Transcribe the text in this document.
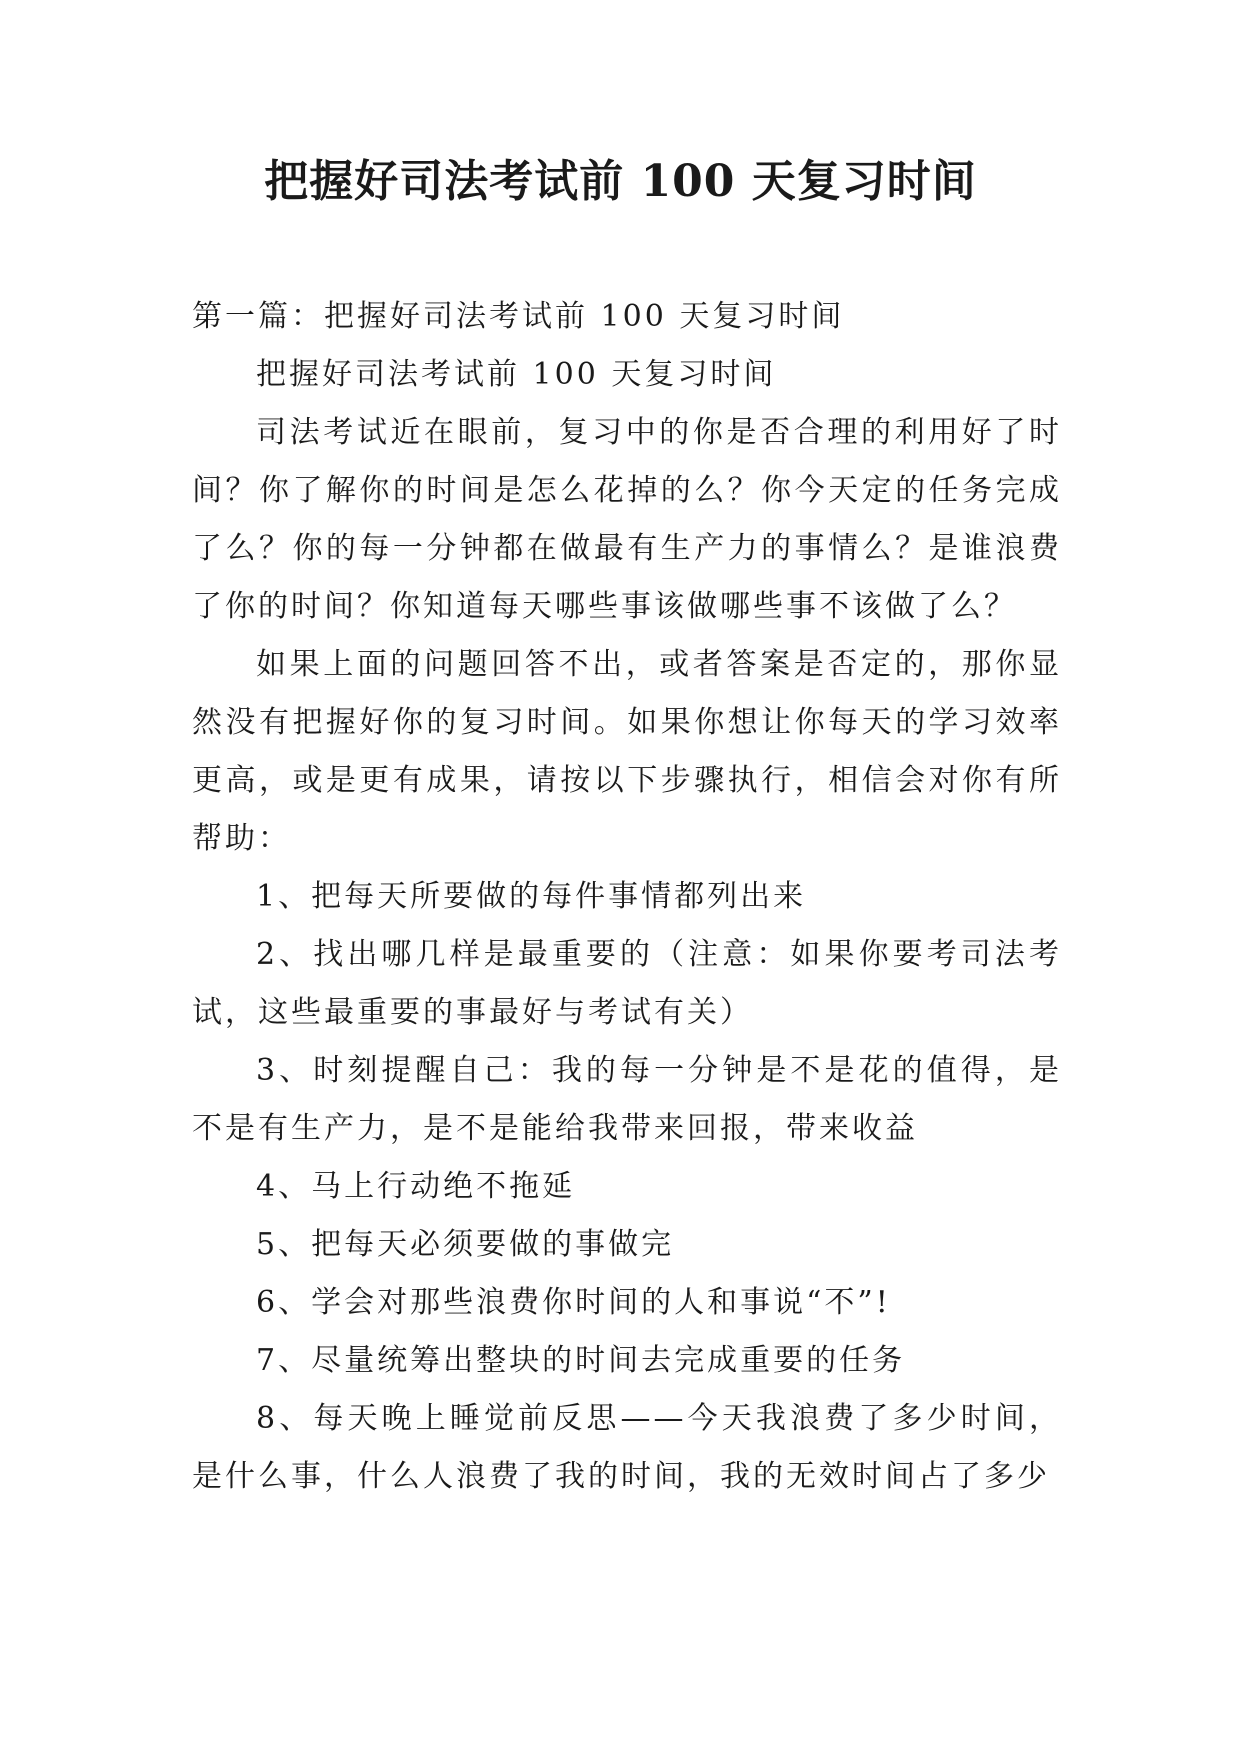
把握好司法考试前 100 天复习时间

第一篇：把握好司法考试前 100 天复习时间

把握好司法考试前 100 天复习时间

司法考试近在眼前，复习中的你是否合理的利用好了时间？你了解你的时间是怎么花掉的么？你今天定的任务完成了么？你的每一分钟都在做最有生产力的事情么？是谁浪费了你的时间？你知道每天哪些事该做哪些事不该做了么？

如果上面的问题回答不出，或者答案是否定的，那你显然没有把握好你的复习时间。如果你想让你每天的学习效率更高，或是更有成果，请按以下步骤执行，相信会对你有所帮助：

1、把每天所要做的每件事情都列出来

2、找出哪几样是最重要的（注意：如果你要考司法考试，这些最重要的事最好与考试有关）

3、时刻提醒自己：我的每一分钟是不是花的值得，是不是有生产力，是不是能给我带来回报，带来收益

4、马上行动绝不拖延

5、把每天必须要做的事做完

6、学会对那些浪费你时间的人和事说“不”!

7、尽量统筹出整块的时间去完成重要的任务

8、每天晚上睡觉前反思——今天我浪费了多少时间，是什么事，什么人浪费了我的时间，我的无效时间占了多少
